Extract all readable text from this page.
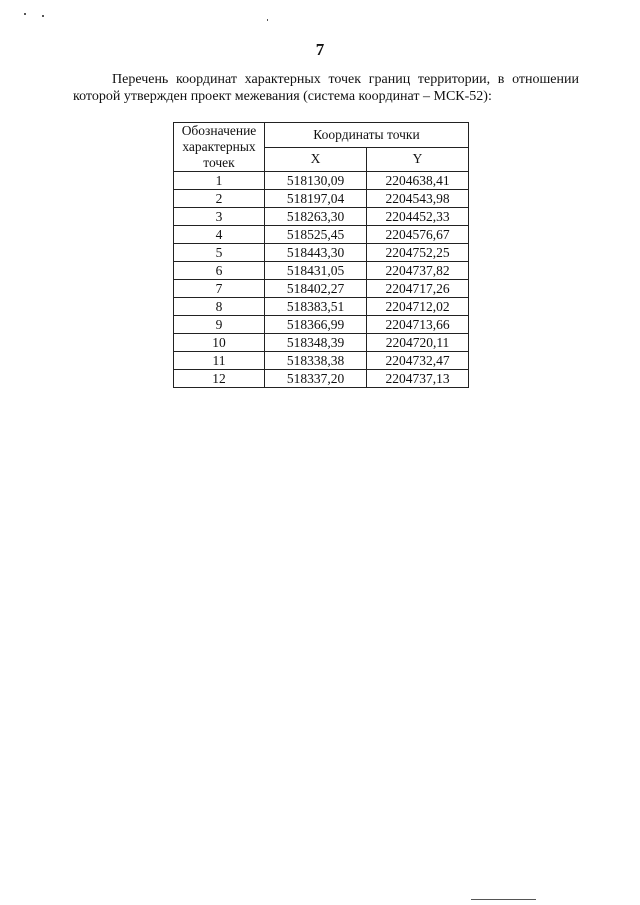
7

Перечень координат характерных точек границ территории, в отношении которой утвержден проект межевания (система координат – МСК-52):

Обозначение характерных точек	Координаты точки	
	X	Y
1	518130,09	2204638,41
2	518197,04	2204543,98
3	518263,30	2204452,33
4	518525,45	2204576,67
5	518443,30	2204752,25
6	518431,05	2204737,82
7	518402,27	2204717,26
8	518383,51	2204712,02
9	518366,99	2204713,66
10	518348,39	2204720,11
11	518338,38	2204732,47
12	518337,20	2204737,13
